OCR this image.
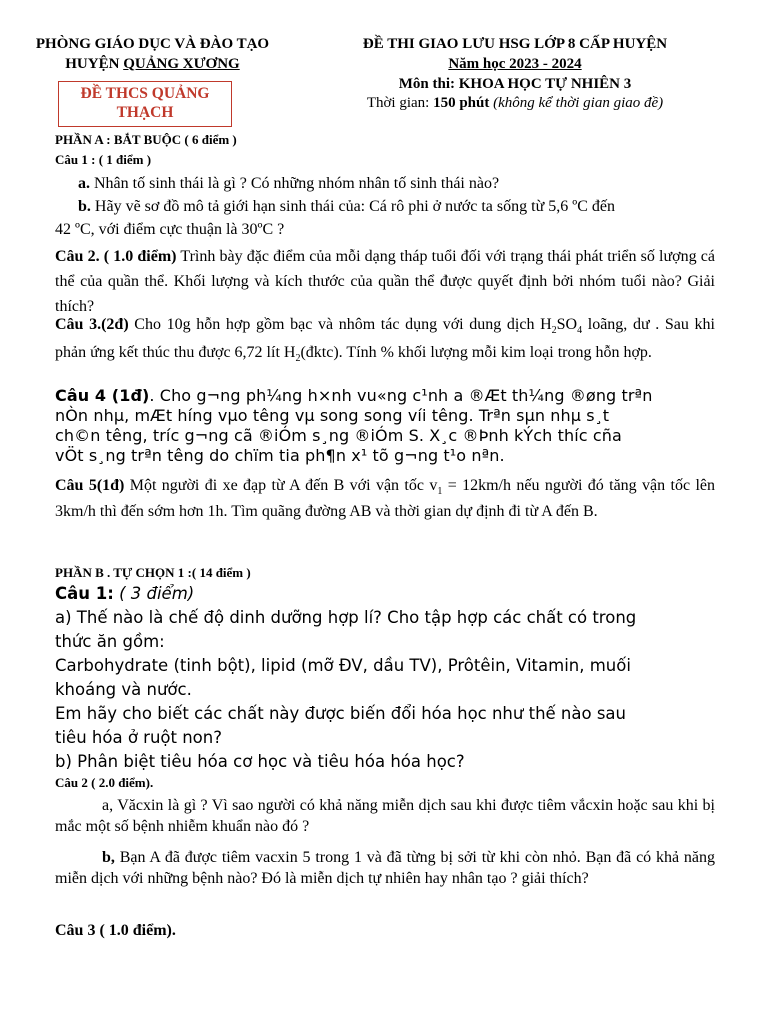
PHÒNG GIÁO DỤC VÀ ĐÀO TẠO
HUYỆN QUẢNG XƯƠNG
ĐỀ THCS QUẢNG
THẠCH
ĐỀ THI GIAO LƯU HSG LỚP 8 CẤP HUYỆN
Năm học 2023 - 2024
Môn thi: KHOA HỌC TỰ NHIÊN 3
Thời gian: 150 phút (không kể thời gian giao đề)
PHẦN A : BẮT BUỘC ( 6 điểm )
Câu 1 : ( 1 điểm )
a. Nhân tố sinh thái là gì ? Có những nhóm nhân tố sinh thái nào?
b. Hãy vẽ sơ đồ mô tả giới hạn sinh thái của: Cá rô phi ở nước ta sống từ 5,6 ºC đến
42 ºC, với điểm cực thuận là 30ºC ?
Câu 2. ( 1.0 điểm) Trình bày đặc điểm của mỗi dạng tháp tuổi đối với trạng thái phát triển số lượng cá thể của quần thể. Khối lượng và kích thước của quần thể được quyết định bởi nhóm tuổi nào? Giải thích?
Câu 3.(2đ) Cho 10g hỗn hợp gồm bạc và nhôm tác dụng với dung dịch $H_2SO_4$ loãng, dư . Sau khi phản ứng kết thúc thu được 6,72 lít $H_2(đktc)$. Tính % khối lượng mỗi kim loại trong hỗn hợp.
Câu 4 (1đ). Cho g¬ng ph¼ng h×nh vu«ng c¹nh a ®Æt th¼ng ®øng trªn
nÒn nhµ, mÆt híng vµo têng vµ song song víi têng. Trªn sµn nhµ s¸t
ch©n têng, tríc g¬ng cã ®iÓm s¸ng ®iÓm S. X¸c ®Þnh kÝch thíc cña
vÖt s¸ng trªn têng do chïm tia ph¶n x¹ tõ g¬ng t¹o nªn.
Câu 5(1đ) Một người đi xe đạp từ A đến B với vận tốc $v_1 = 12km/h$ nếu người đó tăng vận tốc lên 3km/h thì đến sớm hơn 1h. Tìm quãng đường AB và thời gian dự định đi từ A đến B.
PHẦN B . TỰ CHỌN 1 :( 14 điểm )
Câu 1: ( 3 điểm)
a) Thế nào là chế độ dinh dưỡng hợp lí? Cho tập hợp các chất có trong
thức ăn gồm:
Carbohydrate (tinh bột), lipid (mỡ ĐV, dầu TV), Prôtêin, Vitamin, muối
khoáng và nước.
Em hãy cho biết các chất này được biến đổi hóa học như thế nào sau
tiêu hóa ở ruột non?
b) Phân biệt tiêu hóa cơ học và tiêu hóa hóa học?
Câu 2 ( 2.0 điểm).
a, Văcxin là gì ? Vì sao người có khả năng miễn dịch sau khi được tiêm vắcxin hoặc sau khi bị mắc một số bệnh nhiễm khuẩn nào đó ?
b, Bạn A đã được tiêm vacxin 5 trong 1 và đã từng bị sởi từ khi còn nhỏ. Bạn đã có khả năng miễn dịch với những bệnh nào? Đó là miễn dịch tự nhiên hay nhân tạo ? giải thích?
Câu 3 ( 1.0 điểm).
